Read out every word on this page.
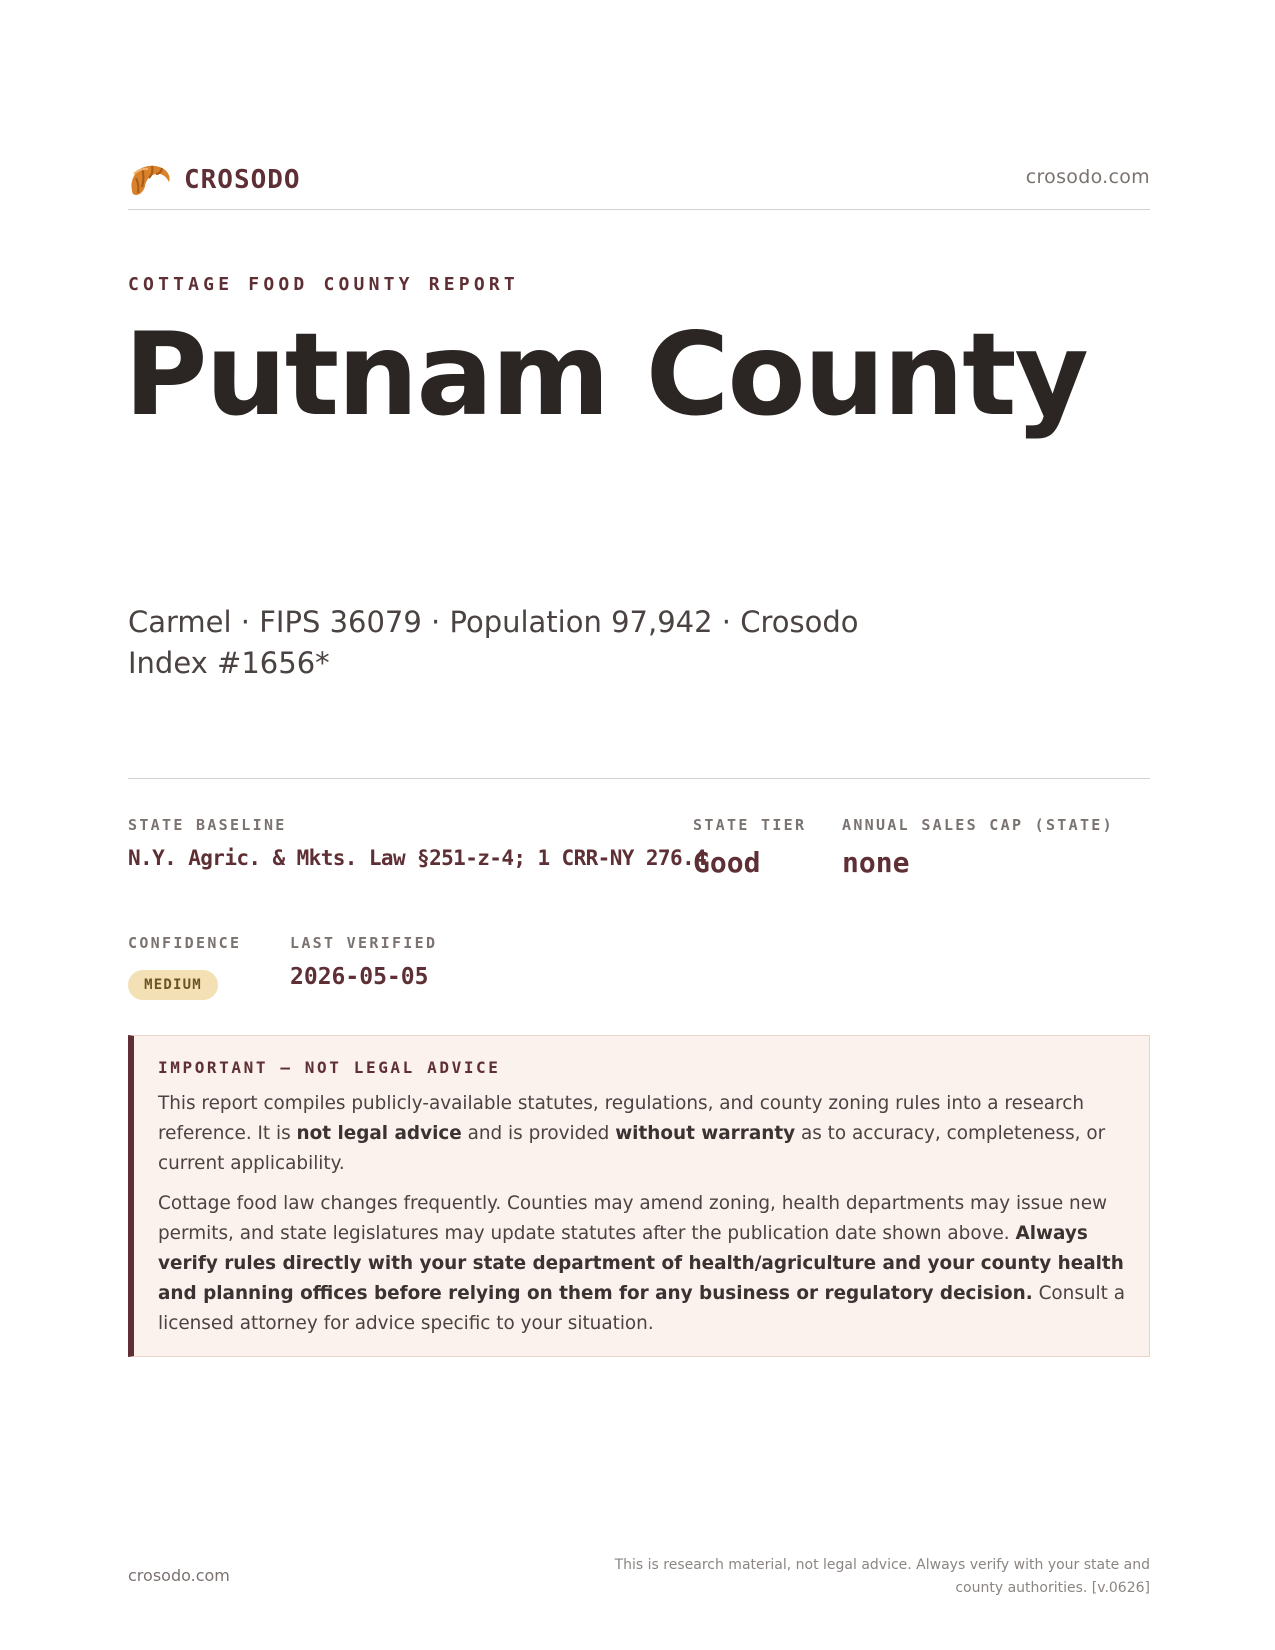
CROSODO	crosodo.com
COTTAGE FOOD COUNTY REPORT
Putnam County
Carmel · FIPS 36079 · Population 97,942 · Crosodo Index #1656*
STATE BASELINE
N.Y. Agric. & Mkts. Law §251-z-4; 1 CRR-NY 276.4
STATE TIER
Good
ANNUAL SALES CAP (STATE)
none
CONFIDENCE
MEDIUM
LAST VERIFIED
2026-05-05
IMPORTANT — NOT LEGAL ADVICE

This report compiles publicly-available statutes, regulations, and county zoning rules into a research reference. It is not legal advice and is provided without warranty as to accuracy, completeness, or current applicability.

Cottage food law changes frequently. Counties may amend zoning, health departments may issue new permits, and state legislatures may update statutes after the publication date shown above. Always verify rules directly with your state department of health/agriculture and your county health and planning offices before relying on them for any business or regulatory decision. Consult a licensed attorney for advice specific to your situation.

crosodo.com
This is research material, not legal advice. Always verify with your state and county authorities. [v.0626]
